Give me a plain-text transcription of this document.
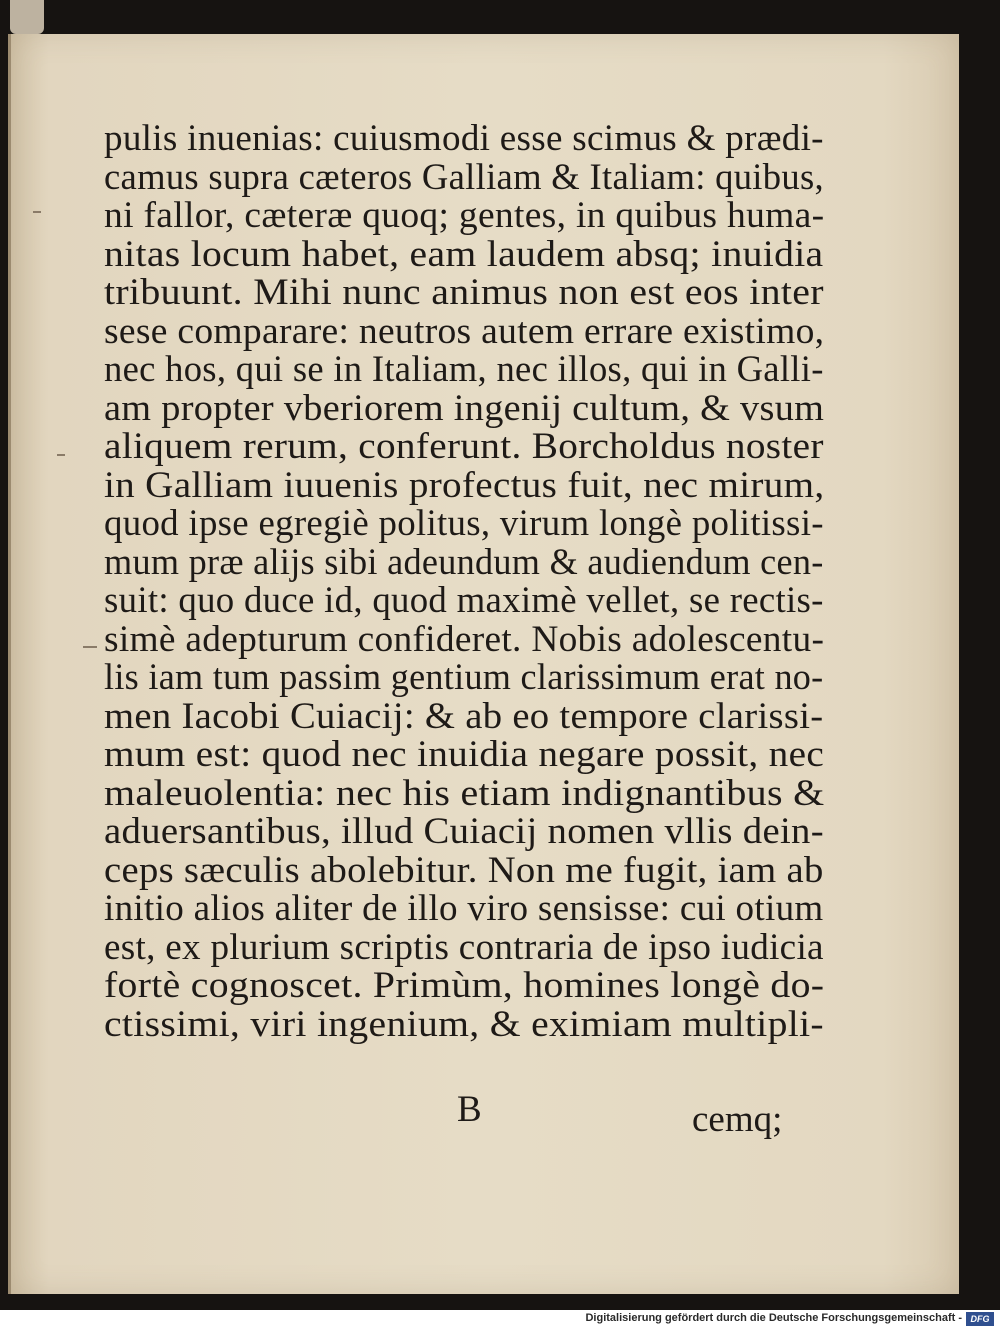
pulis inuenias: cuiusmodi esse scimus & prædi-
camus supra cæteros Galliam & Italiam: quibus,
ni fallor, cæteræ quoq; gentes, in quibus huma-
nitas locum habet, eam laudem absq; inuidia
tribuunt. Mihi nunc animus non est eos inter
sese comparare: neutros autem errare existimo,
nec hos, qui se in Italiam, nec illos, qui in Galli-
am propter vberiorem ingenij cultum, & vsum
aliquem rerum, conferunt. Borcholdus noster
in Galliam iuuenis profectus fuit, nec mirum,
quod ipse egregiè politus, virum longè politissi-
mum præ alijs sibi adeundum & audiendum cen-
suit: quo duce id, quod maximè vellet, se rectis-
simè adepturum confideret. Nobis adolescentu-
lis iam tum passim gentium clarissimum erat no-
men Iacobi Cuiacij: & ab eo tempore clarissi-
mum est: quod nec inuidia negare possit, nec
maleuolentia: nec his etiam indignantibus &
aduersantibus, illud Cuiacij nomen vllis dein-
ceps sæculis abolebitur. Non me fugit, iam ab
initio alios aliter de illo viro sensisse: cui otium
est, ex plurium scriptis contraria de ipso iudicia
fortè cognoscet. Primùm, homines longè do-
ctissimi, viri ingenium, & eximiam multipli-
B	cemq;
Digitalisierung gefördert durch die Deutsche Forschungsgemeinschaft - DFG
